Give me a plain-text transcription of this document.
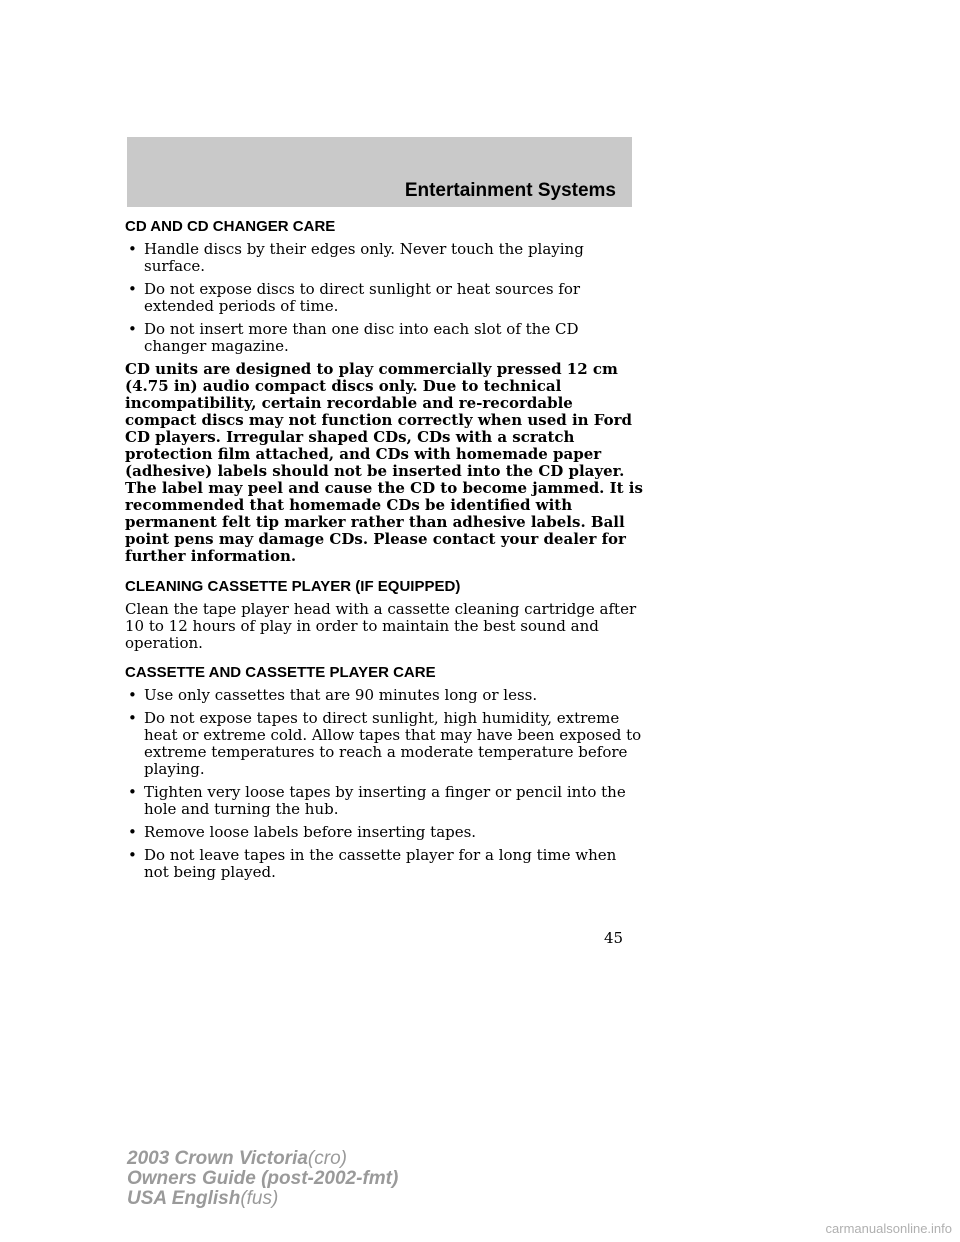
Entertainment Systems
CD AND CD CHANGER CARE
• Handle discs by their edges only. Never touch the playing surface.
• Do not expose discs to direct sunlight or heat sources for extended periods of time.
• Do not insert more than one disc into each slot of the CD changer magazine.

CD units are designed to play commercially pressed 12 cm (4.75 in) audio compact discs only. Due to technical incompatibility, certain recordable and re-recordable compact discs may not function correctly when used in Ford CD players. Irregular shaped CDs, CDs with a scratch protection film attached, and CDs with homemade paper (adhesive) labels should not be inserted into the CD player. The label may peel and cause the CD to become jammed. It is recommended that homemade CDs be identified with permanent felt tip marker rather than adhesive labels. Ball point pens may damage CDs. Please contact your dealer for further information.

CLEANING CASSETTE PLAYER (IF EQUIPPED)

Clean the tape player head with a cassette cleaning cartridge after 10 to 12 hours of play in order to maintain the best sound and operation.

CASSETTE AND CASSETTE PLAYER CARE
• Use only cassettes that are 90 minutes long or less.
• Do not expose tapes to direct sunlight, high humidity, extreme heat or extreme cold. Allow tapes that may have been exposed to extreme temperatures to reach a moderate temperature before playing.
• Tighten very loose tapes by inserting a finger or pencil into the hole and turning the hub.
• Remove loose labels before inserting tapes.
• Do not leave tapes in the cassette player for a long time when not being played.
45
2003 Crown Victoria(cro)
Owners Guide (post-2002-fmt)
USA English(fus)
carmanualsonline.info
